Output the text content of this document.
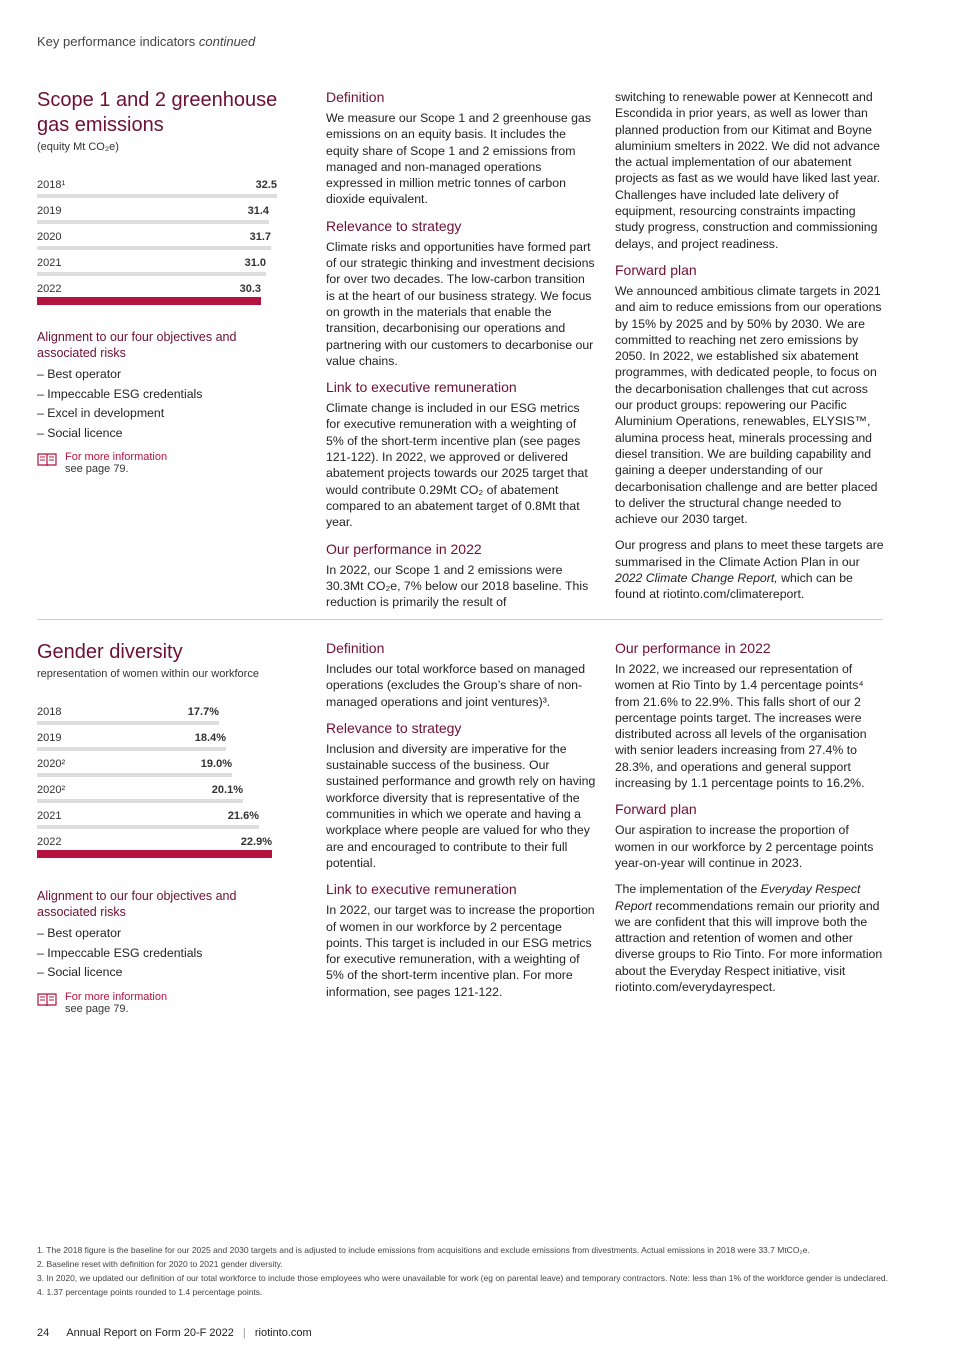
Key performance indicators continued
Scope 1 and 2 greenhouse gas emissions
(equity Mt CO₂e)
2018¹	32.5
2019	31.4
2020	31.7
2021	31.0
2022	30.3
Alignment to our four objectives and associated risks
– Best operator
– Impeccable ESG credentials
– Excel in development
– Social licence
For more information
see page 79.
Definition

We measure our Scope 1 and 2 greenhouse gas emissions on an equity basis. It includes the equity share of Scope 1 and 2 emissions from managed and non-managed operations expressed in million metric tonnes of carbon dioxide equivalent.

Relevance to strategy

Climate risks and opportunities have formed part of our strategic thinking and investment decisions for over two decades. The low-carbon transition is at the heart of our business strategy. We focus on growth in the materials that enable the transition, decarbonising our operations and partnering with our customers to decarbonise our value chains.

Link to executive remuneration

Climate change is included in our ESG metrics for executive remuneration with a weighting of 5% of the short-term incentive plan (see pages 121-122). In 2022, we approved or delivered abatement projects towards our 2025 target that would contribute 0.29Mt CO₂ of abatement compared to an abatement target of 0.8Mt that year.

Our performance in 2022

In 2022, our Scope 1 and 2 emissions were 30.3Mt CO₂e, 7% below our 2018 baseline. This reduction is primarily the result of

switching to renewable power at Kennecott and Escondida in prior years, as well as lower than planned production from our Kitimat and Boyne aluminium smelters in 2022. We did not advance the actual implementation of our abatement projects as fast as we would have liked last year. Challenges have included late delivery of equipment, resourcing constraints impacting study progress, construction and commissioning delays, and project readiness.

Forward plan

We announced ambitious climate targets in 2021 and aim to reduce emissions from our operations by 15% by 2025 and by 50% by 2030. We are committed to reaching net zero emissions by 2050. In 2022, we established six abatement programmes, with dedicated people, to focus on the decarbonisation challenges that cut across our product groups: repowering our Pacific Aluminium Operations, renewables, ELYSIS™, alumina process heat, minerals processing and diesel transition. We are building capability and gaining a deeper understanding of our decarbonisation challenge and are better placed to deliver the structural change needed to achieve our 2030 target.

Our progress and plans to meet these targets are summarised in the Climate Action Plan in our 2022 Climate Change Report, which can be found at riotinto.com/climatereport.

Gender diversity
representation of women within our workforce
2018	17.7%
2019	18.4%
2020²	19.0%
2020²	20.1%
2021	21.6%
2022	22.9%
Alignment to our four objectives and associated risks
– Best operator
– Impeccable ESG credentials
– Social licence
For more information
see page 79.
Definition

Includes our total workforce based on managed operations (excludes the Group’s share of non-managed operations and joint ventures)³.

Relevance to strategy

Inclusion and diversity are imperative for the sustainable success of the business. Our sustained performance and growth rely on having workforce diversity that is representative of the communities in which we operate and having a workplace where people are valued for who they are and encouraged to contribute to their full potential.

Link to executive remuneration

In 2022, our target was to increase the proportion of women in our workforce by 2 percentage points. This target is included in our ESG metrics for executive remuneration, with a weighting of 5% of the short-term incentive plan. For more information, see pages 121-122.

Our performance in 2022

In 2022, we increased our representation of women at Rio Tinto by 1.4 percentage points⁴ from 21.6% to 22.9%. This falls short of our 2 percentage points target. The increases were distributed across all levels of the organisation with senior leaders increasing from 27.4% to 28.3%, and operations and general support increasing by 1.1 percentage points to 16.2%.

Forward plan

Our aspiration to increase the proportion of women in our workforce by 2 percentage points year-on-year will continue in 2023.

The implementation of the Everyday Respect Report recommendations remain our priority and we are confident that this will improve both the attraction and retention of women and other diverse groups to Rio Tinto. For more information about the Everyday Respect initiative, visit riotinto.com/everydayrespect.

1. The 2018 figure is the baseline for our 2025 and 2030 targets and is adjusted to include emissions from acquisitions and exclude emissions from divestments. Actual emissions in 2018 were 33.7 MtCO₂e.
2. Baseline reset with definition for 2020 to 2021 gender diversity.
3. In 2020, we updated our definition of our total workforce to include those employees who were unavailable for work (eg on parental leave) and temporary contractors. Note: less than 1% of the workforce gender is undeclared.
4. 1.37 percentage points rounded to 1.4 percentage points.
24 Annual Report on Form 20-F 2022 | riotinto.com
